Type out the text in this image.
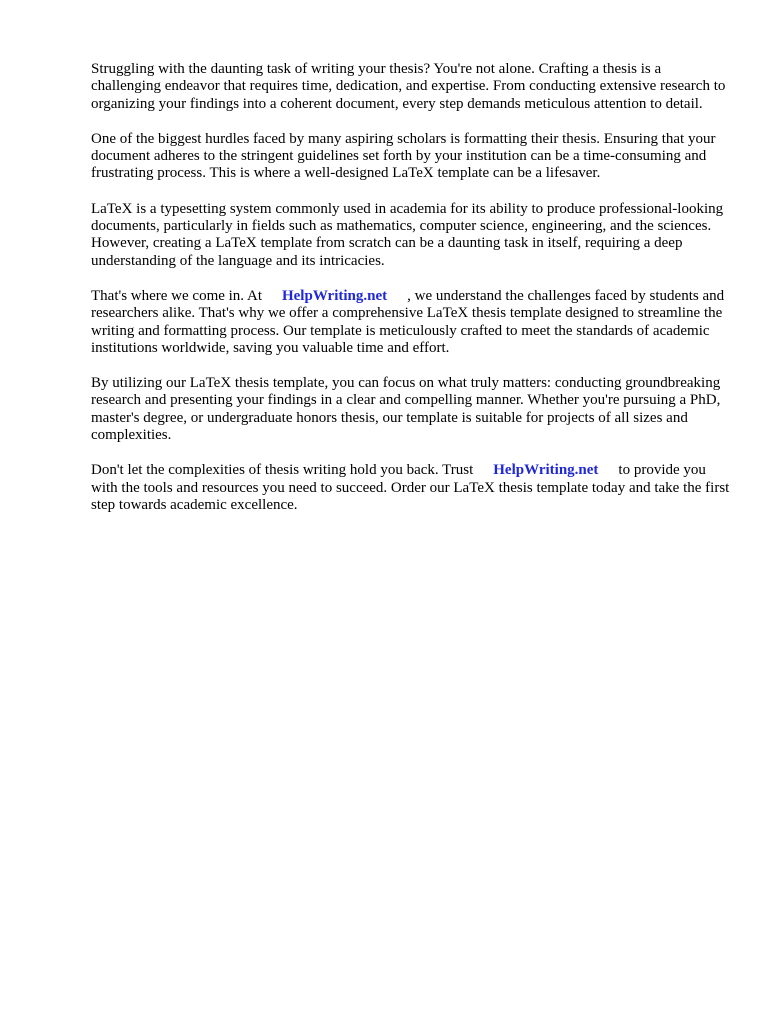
Struggling with the daunting task of writing your thesis? You're not alone. Crafting a thesis is a challenging endeavor that requires time, dedication, and expertise. From conducting extensive research to organizing your findings into a coherent document, every step demands meticulous attention to detail.

One of the biggest hurdles faced by many aspiring scholars is formatting their thesis. Ensuring that your document adheres to the stringent guidelines set forth by your institution can be a time-consuming and frustrating process. This is where a well-designed LaTeX template can be a lifesaver.

LaTeX is a typesetting system commonly used in academia for its ability to produce professional-looking documents, particularly in fields such as mathematics, computer science, engineering, and the sciences. However, creating a LaTeX template from scratch can be a daunting task in itself, requiring a deep understanding of the language and its intricacies.

That's where we come in. At HelpWriting.net , we understand the challenges faced by students and researchers alike. That's why we offer a comprehensive LaTeX thesis template designed to streamline the writing and formatting process. Our template is meticulously crafted to meet the standards of academic institutions worldwide, saving you valuable time and effort.

By utilizing our LaTeX thesis template, you can focus on what truly matters: conducting groundbreaking research and presenting your findings in a clear and compelling manner. Whether you're pursuing a PhD, master's degree, or undergraduate honors thesis, our template is suitable for projects of all sizes and complexities.

Don't let the complexities of thesis writing hold you back. Trust HelpWriting.net to provide you with the tools and resources you need to succeed. Order our LaTeX thesis template today and take the first step towards academic excellence.
